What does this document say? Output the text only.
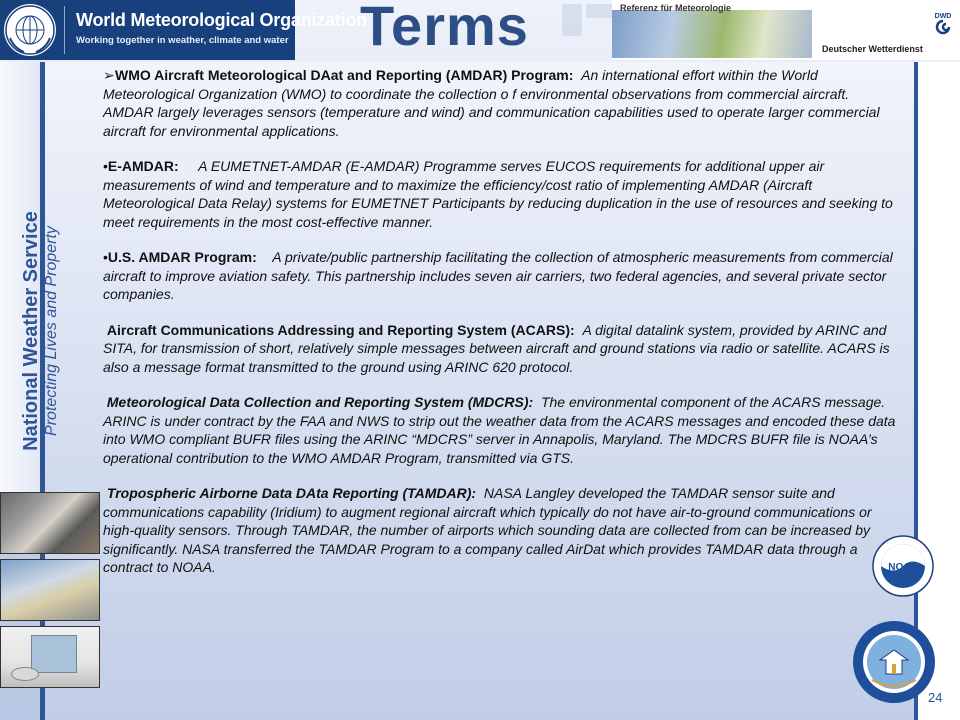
World Meteorological Organization
Working together in weather, climate and water Terms	Referenz für Meteorologie
Deutscher Wetterdienst
DWD
National Weather Service Protecting Lives and Property

➢WMO Aircraft Meteorological DAat and Reporting (AMDAR) Program: An international effort within the World Meteorological Organization (WMO) to coordinate the collection o f environmental observations from commercial aircraft. AMDAR largely leverages sensors (temperature and wind) and communication capabilities used to operate larger commercial aircraft for environmental applications.

•E-AMDAR: A EUMETNET-AMDAR (E-AMDAR) Programme serves EUCOS requirements for additional upper air measurements of wind and temperature and to maximize the efficiency/cost ratio of implementing AMDAR (Aircraft Meteorological Data Relay) systems for EUMETNET Participants by reducing duplication in the use of resources and seeking to meet requirements in the most cost-effective manner.

•U.S. AMDAR Program: A private/public partnership facilitating the collection of atmospheric measurements from commercial aircraft to improve aviation safety. This partnership includes seven air carriers, two federal agencies, and several private sector companies.

Aircraft Communications Addressing and Reporting System (ACARS): A digital datalink system, provided by ARINC and SITA, for transmission of short, relatively simple messages between aircraft and ground stations via radio or satellite. ACARS is also a message format transmitted to the ground using ARINC 620 protocol.

Meteorological Data Collection and Reporting System (MDCRS): The environmental component of the ACARS message. ARINC is under contract by the FAA and NWS to strip out the weather data from the ACARS messages and encoded these data into WMO compliant BUFR files using the ARINC “MDCRS” server in Annapolis, Maryland. The MDCRS BUFR file is NOAA’s operational contribution to the WMO AMDAR Program, transmitted via GTS.

Tropospheric Airborne Data DAta Reporting (TAMDAR): NASA Langley developed the TAMDAR sensor suite and communications capability (Iridium) to augment regional aircraft which typically do not have air-to-ground communications or high-quality sensors. Through TAMDAR, the number of airports which sounding data are collected from can be increased by significantly. NASA transferred the TAMDAR Program to a company called AirDat which provides TAMDAR data through a contract to NOAA.	NOAA
24
